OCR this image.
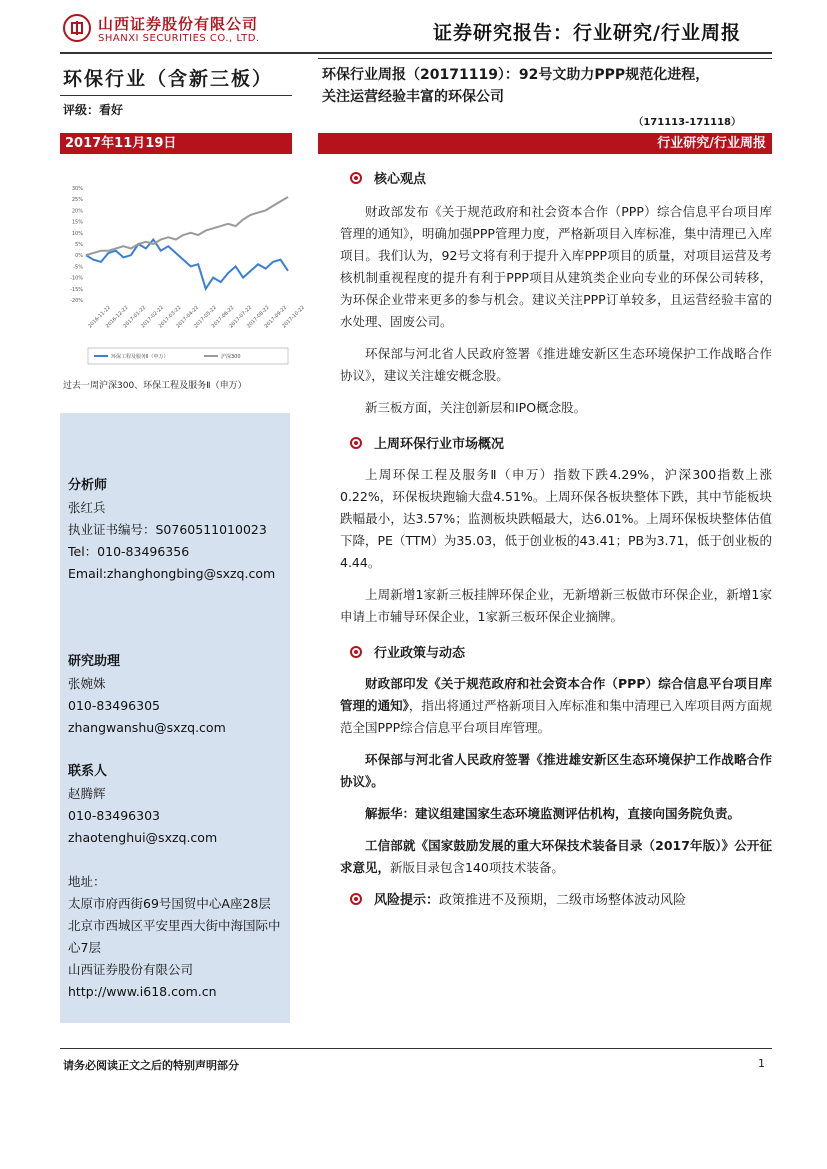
山西证券股份有限公司
SHANXI SECURITIES CO., LTD.	证券研究报告：行业研究/行业周报
环保行业（含新三板）
评级：看好
环保行业周报（20171119）：92号文助力PPP规范化进程，
关注运营经验丰富的环保公司
（171113-171118）
2017年11月19日	行业研究/行业周报
30%
25%
20%
15%
10%
5%
0%
-5%
-10%
-15%
-20%
2016-11-22
2016-12-22
2017-01-22
2017-02-22
2017-03-22
2017-04-22
2017-05-22
2017-06-22
2017-07-22
2017-08-22
2017-09-22
2017-10-22
环保工程及服务Ⅱ（申万）	沪深300
过去一周沪深300、环保工程及服务Ⅱ（申万）
分析师
张红兵
执业证书编号：S0760511010023
Tel：010-83496356
Email:zhanghongbing@sxzq.com
研究助理
张婉姝
010-83496305
zhangwanshu@sxzq.com
联系人
赵腾辉
010-83496303
zhaotenghui@sxzq.com
地址：
太原市府西街69号国贸中心A座28层
北京市西城区平安里西大街中海国际中心7层
山西证券股份有限公司
http://www.i618.com.cn
核心观点
财政部发布《关于规范政府和社会资本合作（PPP）综合信息平台项目库管理的通知》，明确加强PPP管理力度，严格新项目入库标准，集中清理已入库项目。我们认为，92号文将有利于提升入库PPP项目的质量，对项目运营及考核机制重视程度的提升有利于PPP项目从建筑类企业向专业的环保公司转移，为环保企业带来更多的参与机会。建议关注PPP订单较多，且运营经验丰富的水处理、固废公司。
环保部与河北省人民政府签署《推进雄安新区生态环境保护工作战略合作协议》，建议关注雄安概念股。
新三板方面，关注创新层和IPO概念股。
上周环保行业市场概况
上周环保工程及服务Ⅱ（申万）指数下跌4.29%，沪深300指数上涨0.22%，环保板块跑输大盘4.51%。上周环保各板块整体下跌，其中节能板块跌幅最小，达3.57%；监测板块跌幅最大，达6.01%。上周环保板块整体估值下降，PE（TTM）为35.03，低于创业板的43.41；PB为3.71，低于创业板的4.44。
上周新增1家新三板挂牌环保企业，无新增新三板做市环保企业，新增1家申请上市辅导环保企业，1家新三板环保企业摘牌。
行业政策与动态
财政部印发《关于规范政府和社会资本合作（PPP）综合信息平台项目库管理的通知》，指出将通过严格新项目入库标准和集中清理已入库项目两方面规范全国PPP综合信息平台项目库管理。
环保部与河北省人民政府签署《推进雄安新区生态环境保护工作战略合作协议》。
解振华：建议组建国家生态环境监测评估机构，直接向国务院负责。
工信部就《国家鼓励发展的重大环保技术装备目录（2017年版）》公开征求意见，新版目录包含140项技术装备。
风险提示：政策推进不及预期，二级市场整体波动风险
请务必阅读正文之后的特别声明部分	1
